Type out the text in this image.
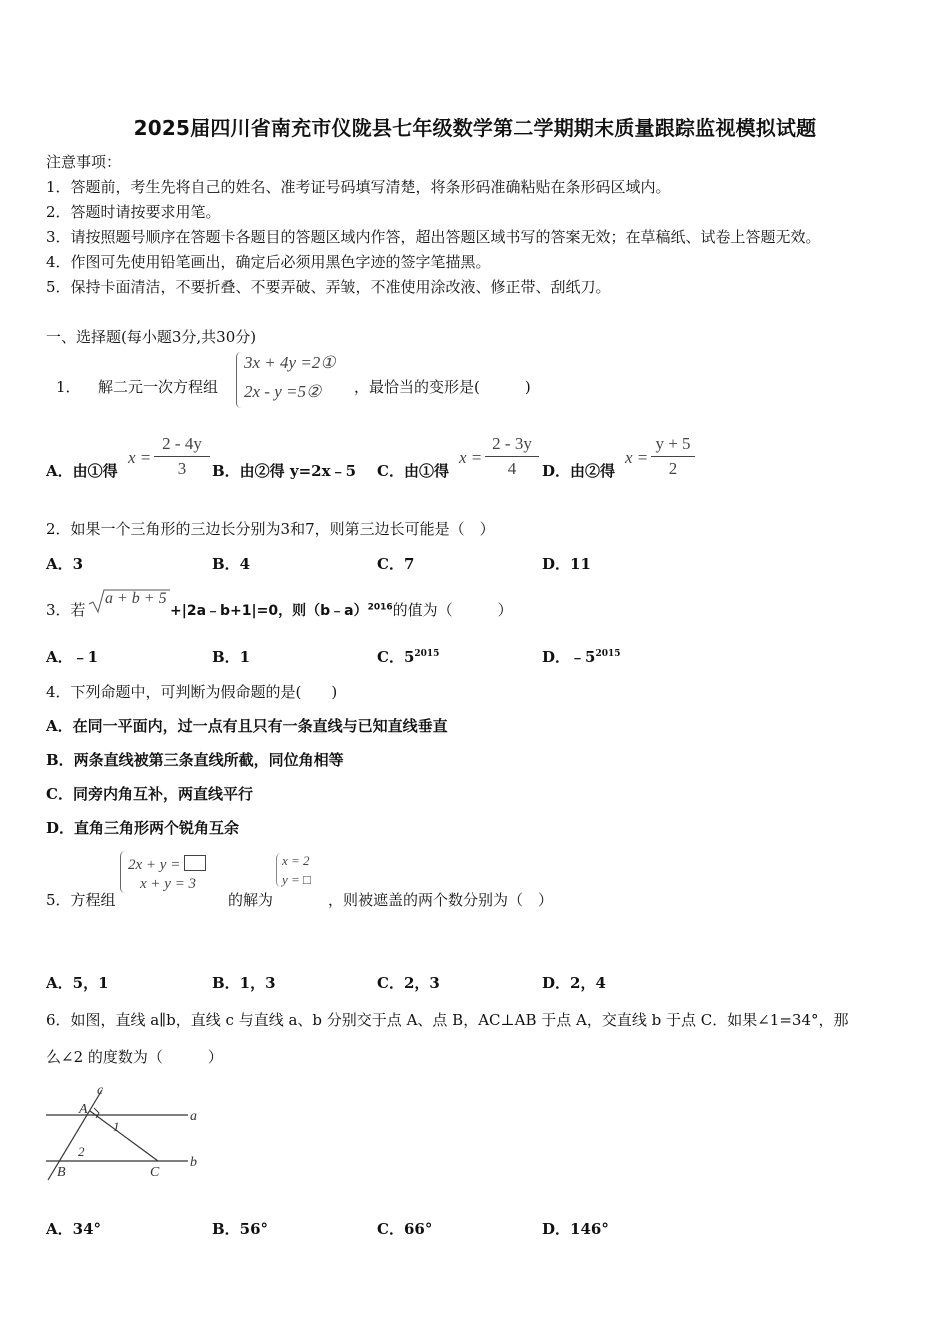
2025届四川省南充市仪陇县七年级数学第二学期期末质量跟踪监视模拟试题
注意事项：
1．答题前，考生先将自己的姓名、准考证号码填写清楚，将条形码准确粘贴在条形码区域内。
2．答题时请按要求用笔。
3．请按照题号顺序在答题卡各题目的答题区域内作答，超出答题区域书写的答案无效；在草稿纸、试卷上答题无效。
4．作图可先使用铅笔画出，确定后必须用黑色字迹的签字笔描黑。
5．保持卡面清洁，不要折叠、不要弄破、弄皱，不准使用涂改液、修正带、刮纸刀。
一、选择题(每小题3分,共30分)
1． 解二元一次方程组
3x + 4y =2①
2x - y =5② ，最恰当的变形是(　　　)
A．由①得
x =
2 - 4y
3	B．由②得 y=2x﹣5 C．由①得
x =
2 - 3y
4	D．由②得
x =
y + 5
2
2．如果一个三角形的三边长分别为3和7，则第三边长可能是（　）
A．3	B．4	C．7	D．11
3．若
a + b + 5
+|2a﹣b+1|=0，则（b﹣a）$^{2016}$的值为（　　　）
A．﹣1	B．1	C．$5^{2015}$	D．$﹣5^{2015}$
4．下列命题中，可判断为假命题的是(　　)
A．在同一平面内，过一点有且只有一条直线与已知直线垂直
B．两条直线被第三条直线所截，同位角相等
C．同旁内角互补，两直线平行
D．直角三角形两个锐角互余
5．方程组
2x + y =
x + y = 3
的解为
x = 2
y = □
，则被遮盖的两个数分别为（　）
A．5，1	B．1，3	C．2，3	D．2，4
6．如图，直线 a∥b，直线 c 与直线 a、b 分别交于点 A、点 B，AC⊥AB 于点 A，交直线 b 于点 C．如果∠1=34°，那
么∠2 的度数为（　　　）
c
A	a
1
2
B	C
b
A．34°	B．56°	C．66°	D．146°
